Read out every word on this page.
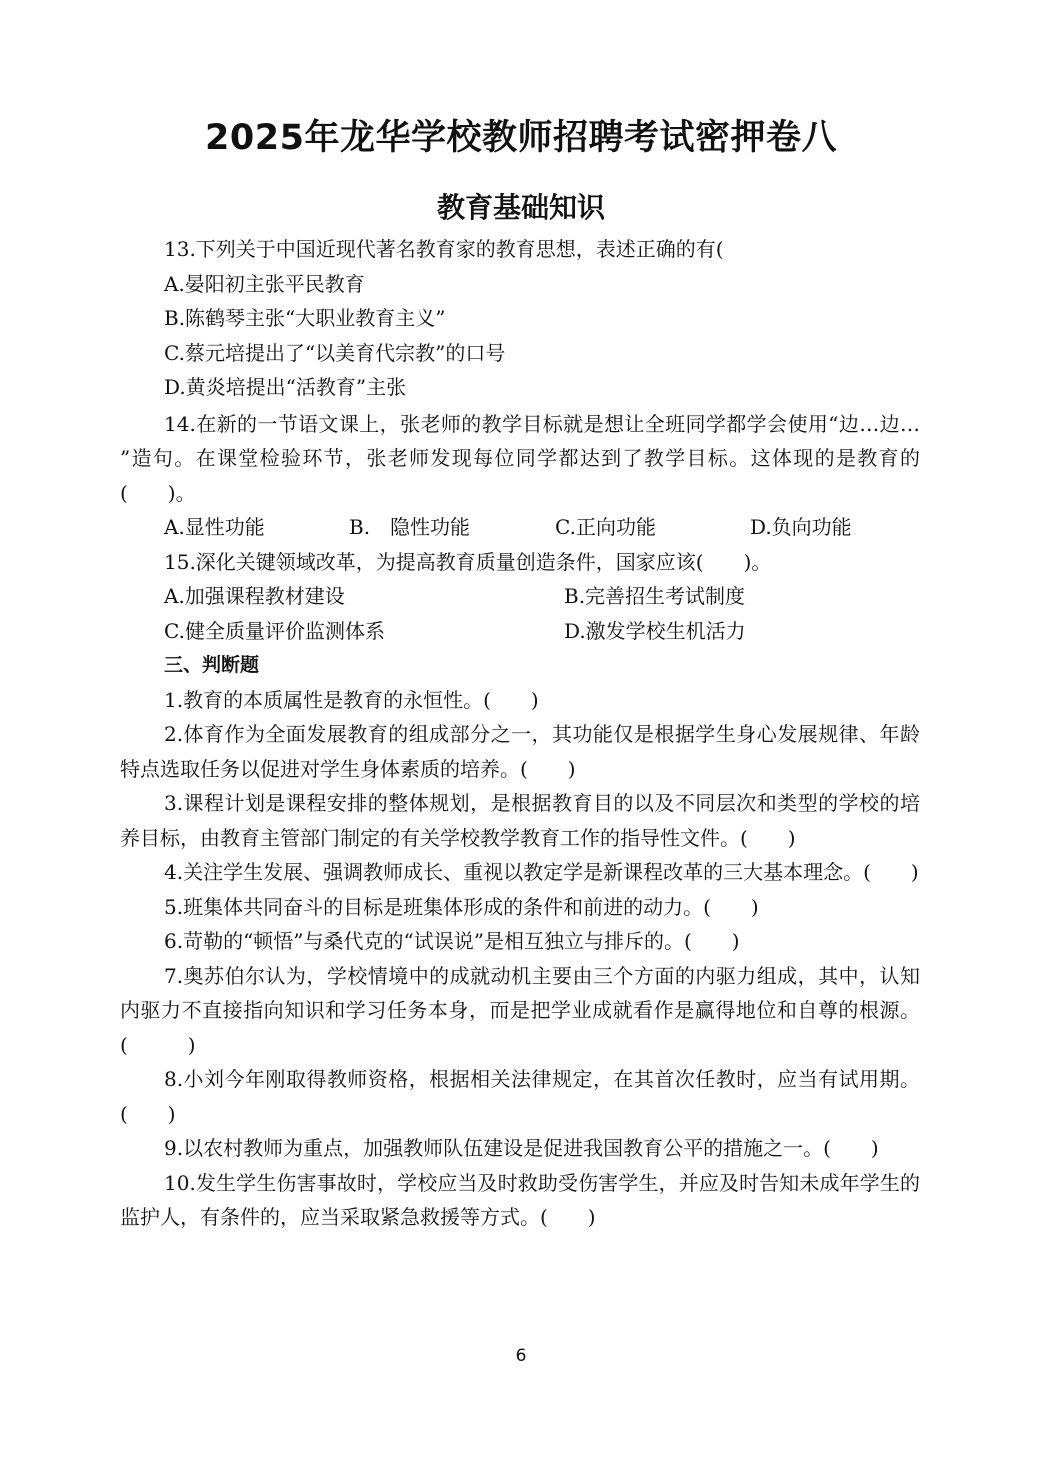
2025年龙华学校教师招聘考试密押卷八
教育基础知识

13.下列关于中国近现代著名教育家的教育思想，表述正确的有(

A.晏阳初主张平民教育

B.陈鹤琴主张“大职业教育主义”

C.蔡元培提出了“以美育代宗教”的口号

D.黄炎培提出“活教育”主张

14.在新的一节语文课上，张老师的教学目标就是想让全班同学都学会使用“边…边… ”造句。在课堂检验环节，张老师发现每位同学都达到了教学目标。这体现的是教育的(　　)。

A.显性功能	B.　隐性功能	C.正向功能	D.负向功能

15.深化关键领域改革，为提高教育质量创造条件，国家应该(　　)。

A.加强课程教材建设	B.完善招生考试制度
C.健全质量评价监测体系	D.激发学校生机活力

三、判断题

1.教育的本质属性是教育的永恒性。(　　)

2.体育作为全面发展教育的组成部分之一，其功能仅是根据学生身心发展规律、年龄特点选取任务以促进对学生身体素质的培养。(　　)

3.课程计划是课程安排的整体规划，是根据教育目的以及不同层次和类型的学校的培养目标，由教育主管部门制定的有关学校教学教育工作的指导性文件。(　　)

4.关注学生发展、强调教师成长、重视以教定学是新课程改革的三大基本理念。(　　)

5.班集体共同奋斗的目标是班集体形成的条件和前进的动力。(　　)

6.苛勒的“顿悟”与桑代克的“试误说”是相互独立与排斥的。(　　)

7.奥苏伯尔认为，学校情境中的成就动机主要由三个方面的内驱力组成，其中，认知内驱力不直接指向知识和学习任务本身，而是把学业成就看作是赢得地位和自尊的根源。(　　　)

8.小刘今年刚取得教师资格，根据相关法律规定，在其首次任教时，应当有试用期。 (　　)

9.以农村教师为重点，加强教师队伍建设是促进我国教育公平的措施之一。(　　)

10.发生学生伤害事故时，学校应当及时救助受伤害学生，并应及时告知未成年学生的监护人，有条件的，应当采取紧急救援等方式。(　　)

6
